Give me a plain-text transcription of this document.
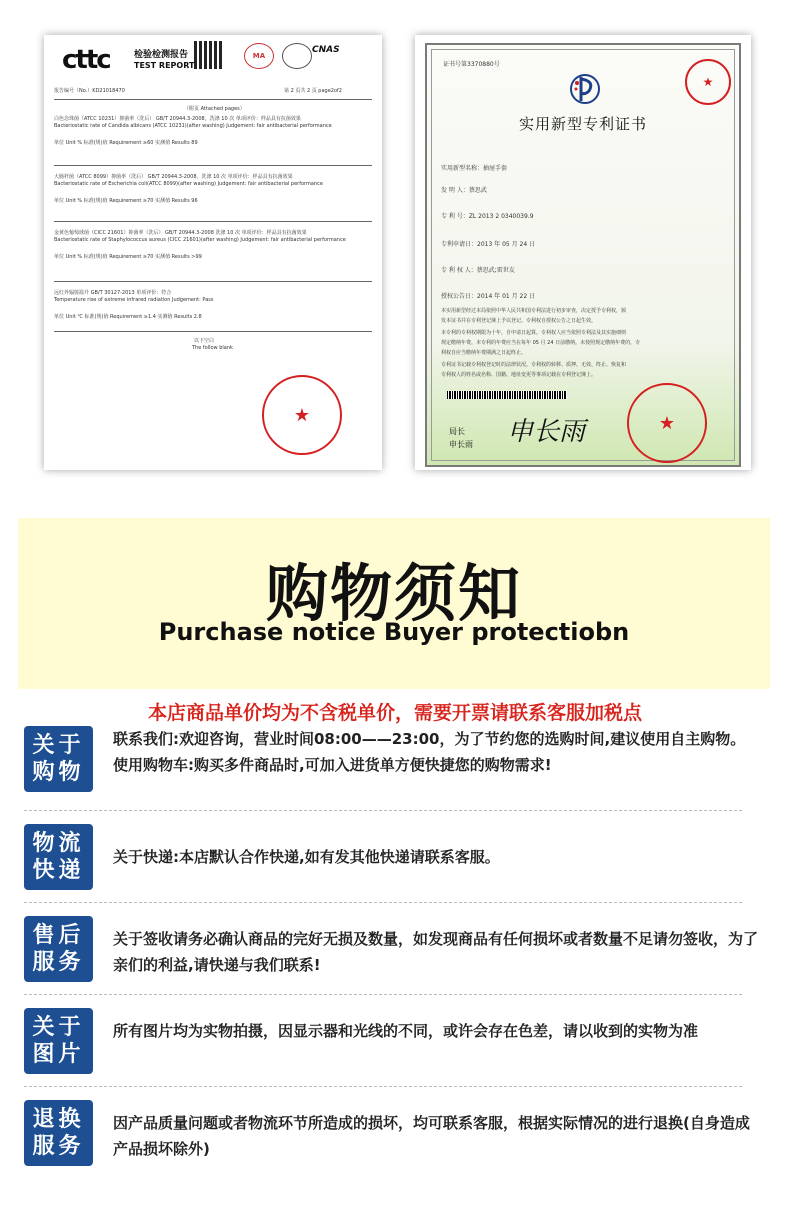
cttc	检验检测报告
TEST REPORT
MA
CNAS
报告编号（No.）KD21018470	第 2 页共 2 页 page2of2
（附页 Attached pages）
白色念珠菌（ATCC 10231）抑菌率（洗后） GB/T 20944.3-2008，洗涤 10 次 单项评价：样品具有抗菌效果
Bacteriostatic rate of Candida albicans (ATCC 10231)(after washing) Judgement: fair antibacterial performance
单位 Unit % 标准(规)值 Requirement ≥60 实测值 Results 89
大肠杆菌（ATCC 8099）抑菌率（洗后） GB/T 20944.3-2008，洗涤 10 次 单项评价：样品具有抗菌效果
Bacteriostatic rate of Escherichia coli(ATCC 8099)(after washing) Judgement: fair antibacterial performance
单位 Unit % 标准(规)值 Requirement ≥70 实测值 Results 96
金黄色葡萄球菌（CICC 21601）抑菌率（洗后） GB/T 20944.3-2008 洗涤 10 次 单项评价：样品具有抗菌效果
Bacteriostatic rate of Staphylococcus aureus (CICC 21601)(after washing) Judgement: fair antibacterial performance
单位 Unit % 标准(规)值 Requirement ≥70 实测值 Results >99
远红外辐射温升 GB/T 30127-2013 单项评价：符合
Temperature rise of extreme infrared radiation Judgement: Pass
单位 Unit ℃ 标准(规)值 Requirement ≥1.4 实测值 Results 2.8
以下空白
The follow blank
★
证书号第3370880号
★
实用新型专利证书
实用新型名称：抽屉手套
发 明 人：蔡思武
专 利 号：ZL 2013 2 0340039.9
专利申请日：2013 年 05 月 24 日
专 利 权 人：蔡思武;雷世友
授权公告日：2014 年 01 月 22 日
本实用新型经过本局依照中华人民共和国专利法进行初步审查，决定授予专利权，颁
发本证书并在专利登记簿上予以登记。专利权自授权公告之日起生效。
本专利的专利权期限为十年，自申请日起算。专利权人应当依照专利法及其实施细则
规定缴纳年费。本专利的年费应当在每年 05 月 24 日前缴纳。未按照规定缴纳年费的，专
利权自应当缴纳年费期满之日起终止。
专利证书记载专利权登记时的法律状况。专利权的转移、质押、无效、终止、恢复和
专利权人的姓名或名称、国籍、地址变更等事项记载在专利登记簿上。
局长
申长雨 申长雨	★
购物须知
Purchase notice Buyer protectiobn
本店商品单价均为不含税单价，需要开票请联系客服加税点
关于
购物
联系我们:欢迎咨询，营业时间08:00——23:00，为了节约您的选购时间,建议使用自主购物。
使用购物车:购买多件商品时,可加入进货单方便快捷您的购物需求!
物流
快递
关于快递:本店默认合作快递,如有发其他快递请联系客服。
售后
服务
关于签收请务必确认商品的完好无损及数量，如发现商品有任何损坏或者数量不足请勿签收，为了亲们的利益,请快递与我们联系!
关于
图片
所有图片均为实物拍摄，因显示器和光线的不同，或许会存在色差，请以收到的实物为准
退换
服务
因产品质量问题或者物流环节所造成的损坏，均可联系客服，根据实际情况的进行退换(自身造成产品损坏除外)
